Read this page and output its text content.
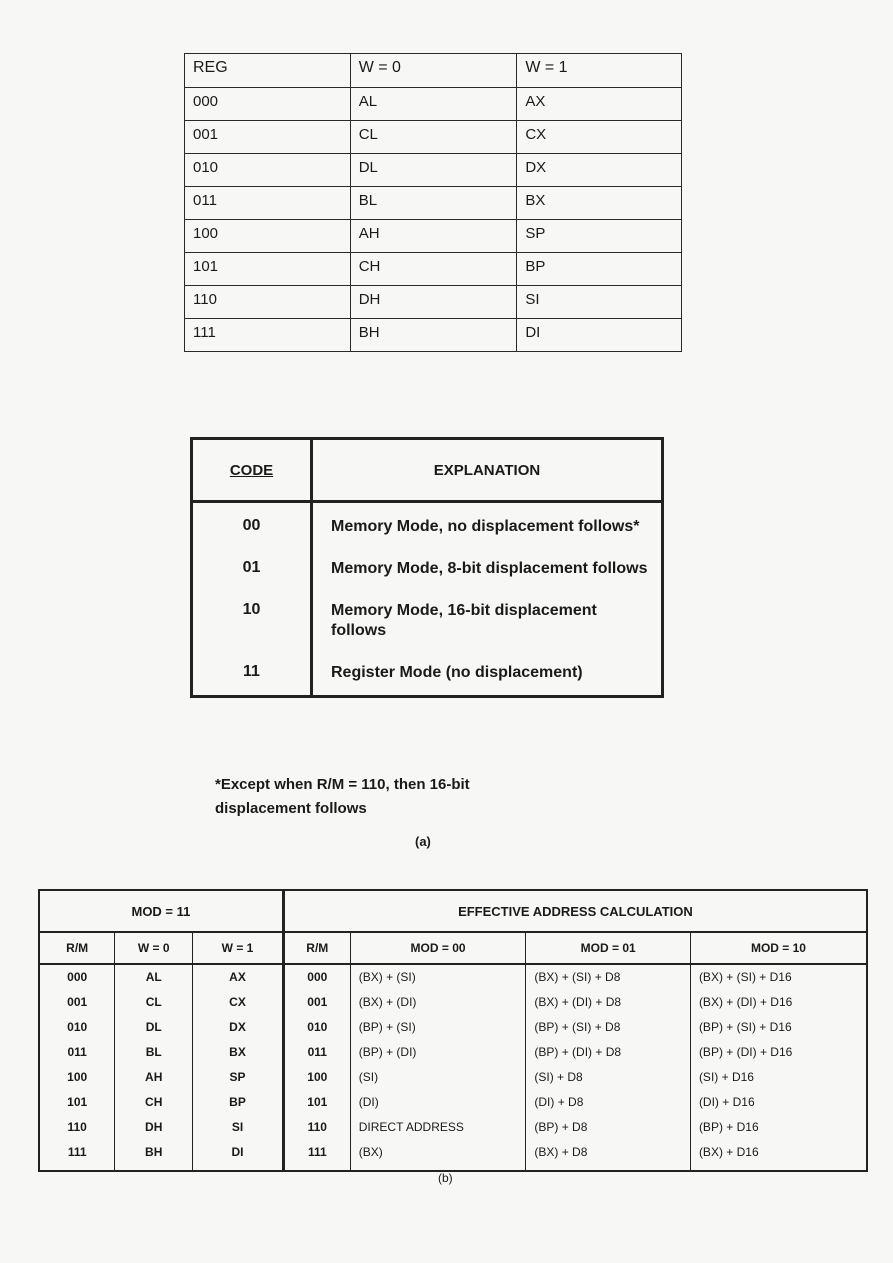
REG	W = 0	W = 1
000	AL	AX
001	CL	CX
010	DL	DX
011	BL	BX
100	AH	SP
101	CH	BP
110	DH	SI
111	BH	DI
CODE	EXPLANATION
00	Memory Mode, no displacement follows*
01	Memory Mode, 8-bit displacement follows
10	Memory Mode, 16-bit displacement follows
11	Register Mode (no displacement)
*Except when R/M = 110, then 16-bit
displacement follows
(a)
MOD = 11			EFFECTIVE ADDRESS CALCULATION			
R/M	W = 0	W = 1	R/M	MOD = 00	MOD = 01	MOD = 10
000	AL	AX	000	(BX) + (SI)	(BX) + (SI) + D8	(BX) + (SI) + D16
001	CL	CX	001	(BX) + (DI)	(BX) + (DI) + D8	(BX) + (DI) + D16
010	DL	DX	010	(BP) + (SI)	(BP) + (SI) + D8	(BP) + (SI) + D16
011	BL	BX	011	(BP) + (DI)	(BP) + (DI) + D8	(BP) + (DI) + D16
100	AH	SP	100	(SI)	(SI) + D8	(SI) + D16
101	CH	BP	101	(DI)	(DI) + D8	(DI) + D16
110	DH	SI	110	DIRECT ADDRESS	(BP) + D8	(BP) + D16
111	BH	DI	111	(BX)	(BX) + D8	(BX) + D16
(b)
